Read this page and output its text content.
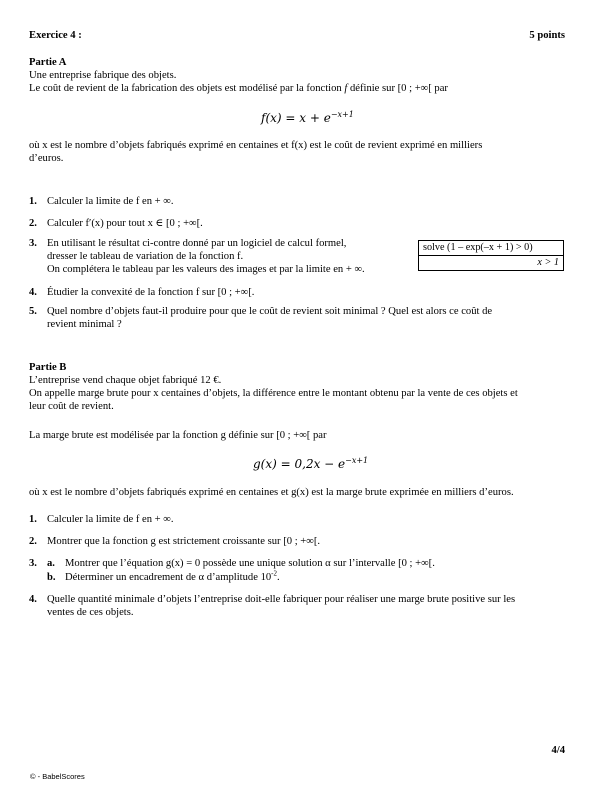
Exercice 4 :	5 points
Partie A
Une entreprise fabrique des objets.
Le coût de revient de la fabrication des objets est modélisé par la fonction f définie sur [0 ; +∞[ par
$f(x) = x + e^{-x+1}$
où x est le nombre d’objets fabriqués exprimé en centaines et f(x) est le coût de revient exprimé en milliers
d’euros.
1. Calculer la limite de f en + ∞.
2. Calculer f′(x) pour tout x ∈ [0 ; +∞[.
3. En utilisant le résultat ci-contre donné par un logiciel de calcul formel,
dresser le tableau de variation de la fonction f.
On complétera le tableau par les valeurs des images et par la limite en + ∞.
solve (1 – exp(–x + 1) > 0)
x > 1
4. Étudier la convexité de la fonction f sur [0 ; +∞[.
5. Quel nombre d’objets faut-il produire pour que le coût de revient soit minimal ? Quel est alors ce coût de
revient minimal ?
Partie B
L’entreprise vend chaque objet fabriqué 12 €.
On appelle marge brute pour x centaines d’objets, la différence entre le montant obtenu par la vente de ces objets et
leur coût de revient.
La marge brute est modélisée par la fonction g définie sur [0 ; +∞[ par
$g(x) = 0,2x - e^{-x+1}$
où x est le nombre d’objets fabriqués exprimé en centaines et g(x) est la marge brute exprimée en milliers d’euros.
1. Calculer la limite de f en + ∞.
2. Montrer que la fonction g est strictement croissante sur [0 ; +∞[.
3. a. Montrer que l’équation g(x) = 0 possède une unique solution α sur l’intervalle [0 ; +∞[.
b. Déterminer un encadrement de α d’amplitude $10^{-2}$.
4. Quelle quantité minimale d’objets l’entreprise doit-elle fabriquer pour réaliser une marge brute positive sur les
ventes de ces objets.
4/4
© - BabelScores
